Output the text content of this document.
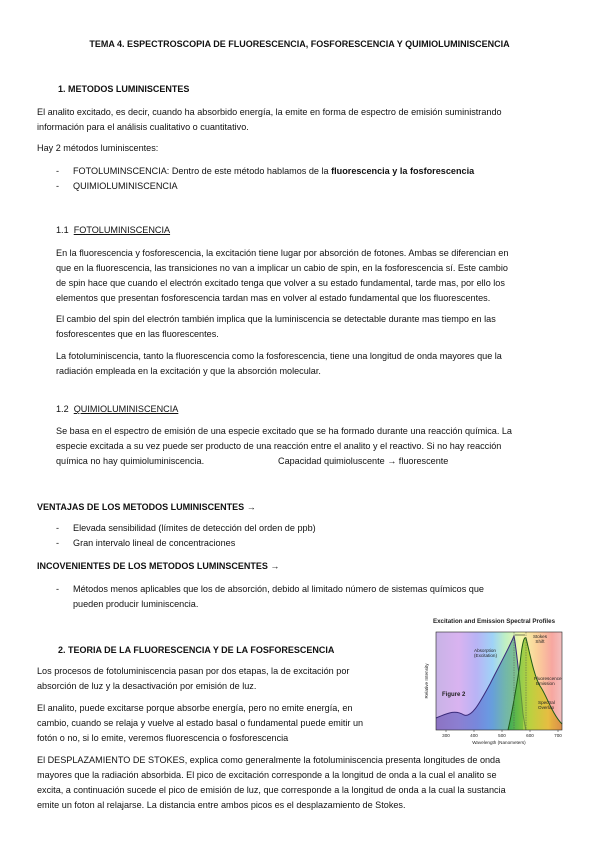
TEMA 4. ESPECTROSCOPIA DE FLUORESCENCIA, FOSFORESCENCIA Y QUIMIOLUMINISCENCIA
1. METODOS LUMINISCENTES
El analito excitado, es decir, cuando ha absorbido energía, la emite en forma de espectro de emisión suministrando
información para el análisis cualitativo o cuantitativo.
Hay 2 métodos luminiscentes:
- FOTOLUMINSCENCIA: Dentro de este método hablamos de la fluorescencia y la fosforescencia
- QUIMIOLUMINISCENCIA
1.1 FOTOLUMINISCENCIA
En la fluorescencia y fosforescencia, la excitación tiene lugar por absorción de fotones. Ambas se diferencian en
que en la fluorescencia, las transiciones no van a implicar un cabio de spin, en la fosforescencia sí. Este cambio
de spin hace que cuando el electrón excitado tenga que volver a su estado fundamental, tarde mas, por ello los
elementos que presentan fosforescencia tardan mas en volver al estado fundamental que los fluorescentes.
El cambio del spin del electrón también implica que la luminiscencia se detectable durante mas tiempo en las
fosforescentes que en las fluorescentes.
La fotoluminiscencia, tanto la fluorescencia como la fosforescencia, tiene una longitud de onda mayores que la
radiación empleada en la excitación y que la absorción molecular.
1.2 QUIMIOLUMINISCENCIA
Se basa en el espectro de emisión de una especie excitado que se ha formado durante una reacción química. La
especie excitada a su vez puede ser producto de una reacción entre el analito y el reactivo. Si no hay reacción
química no hay quimioluminiscencia.	Capacidad quimioluscente → fluorescente
VENTAJAS DE LOS METODOS LUMINISCENTES →
- Elevada sensibilidad (límites de detección del orden de ppb)
- Gran intervalo lineal de concentraciones
INCOVENIENTES DE LOS METODOS LUMINSCENTES →
- Métodos menos aplicables que los de absorción, debido al limitado número de sistemas químicos que
pueden producir luminiscencia.
2. TEORIA DE LA FLUORESCENCIA Y DE LA FOSFORESCENCIA
Los procesos de fotoluminiscencia pasan por dos etapas, la de excitación por
absorción de luz y la desactivación por emisión de luz.
El analito, puede excitarse porque absorbe energía, pero no emite energía, en
cambio, cuando se relaja y vuelve al estado basal o fundamental puede emitir un
fotón o no, si lo emite, veremos fluorescencia o fosforescencia
El DESPLAZAMIENTO DE STOKES, explica como generalmente la fotoluminiscencia presenta longitudes de onda
mayores que la radiación absorbida. El pico de excitación corresponde a la longitud de onda a la cual el analito se
excita, a continuación sucede el pico de emisión de luz, que corresponde a la longitud de onda a la cual la sustancia
emite un foton al relajarse. La distancia entre ambos picos es el desplazamiento de Stokes.
Excitation and Emission Spectral Profiles
Stokes
Shift
Absorption
(Excitation)
Fluorescence
Emission
Spectral
Overlap
Figure 2
Relative Intensity
300	400	500	600	700
Wavelength (Nanometers)
